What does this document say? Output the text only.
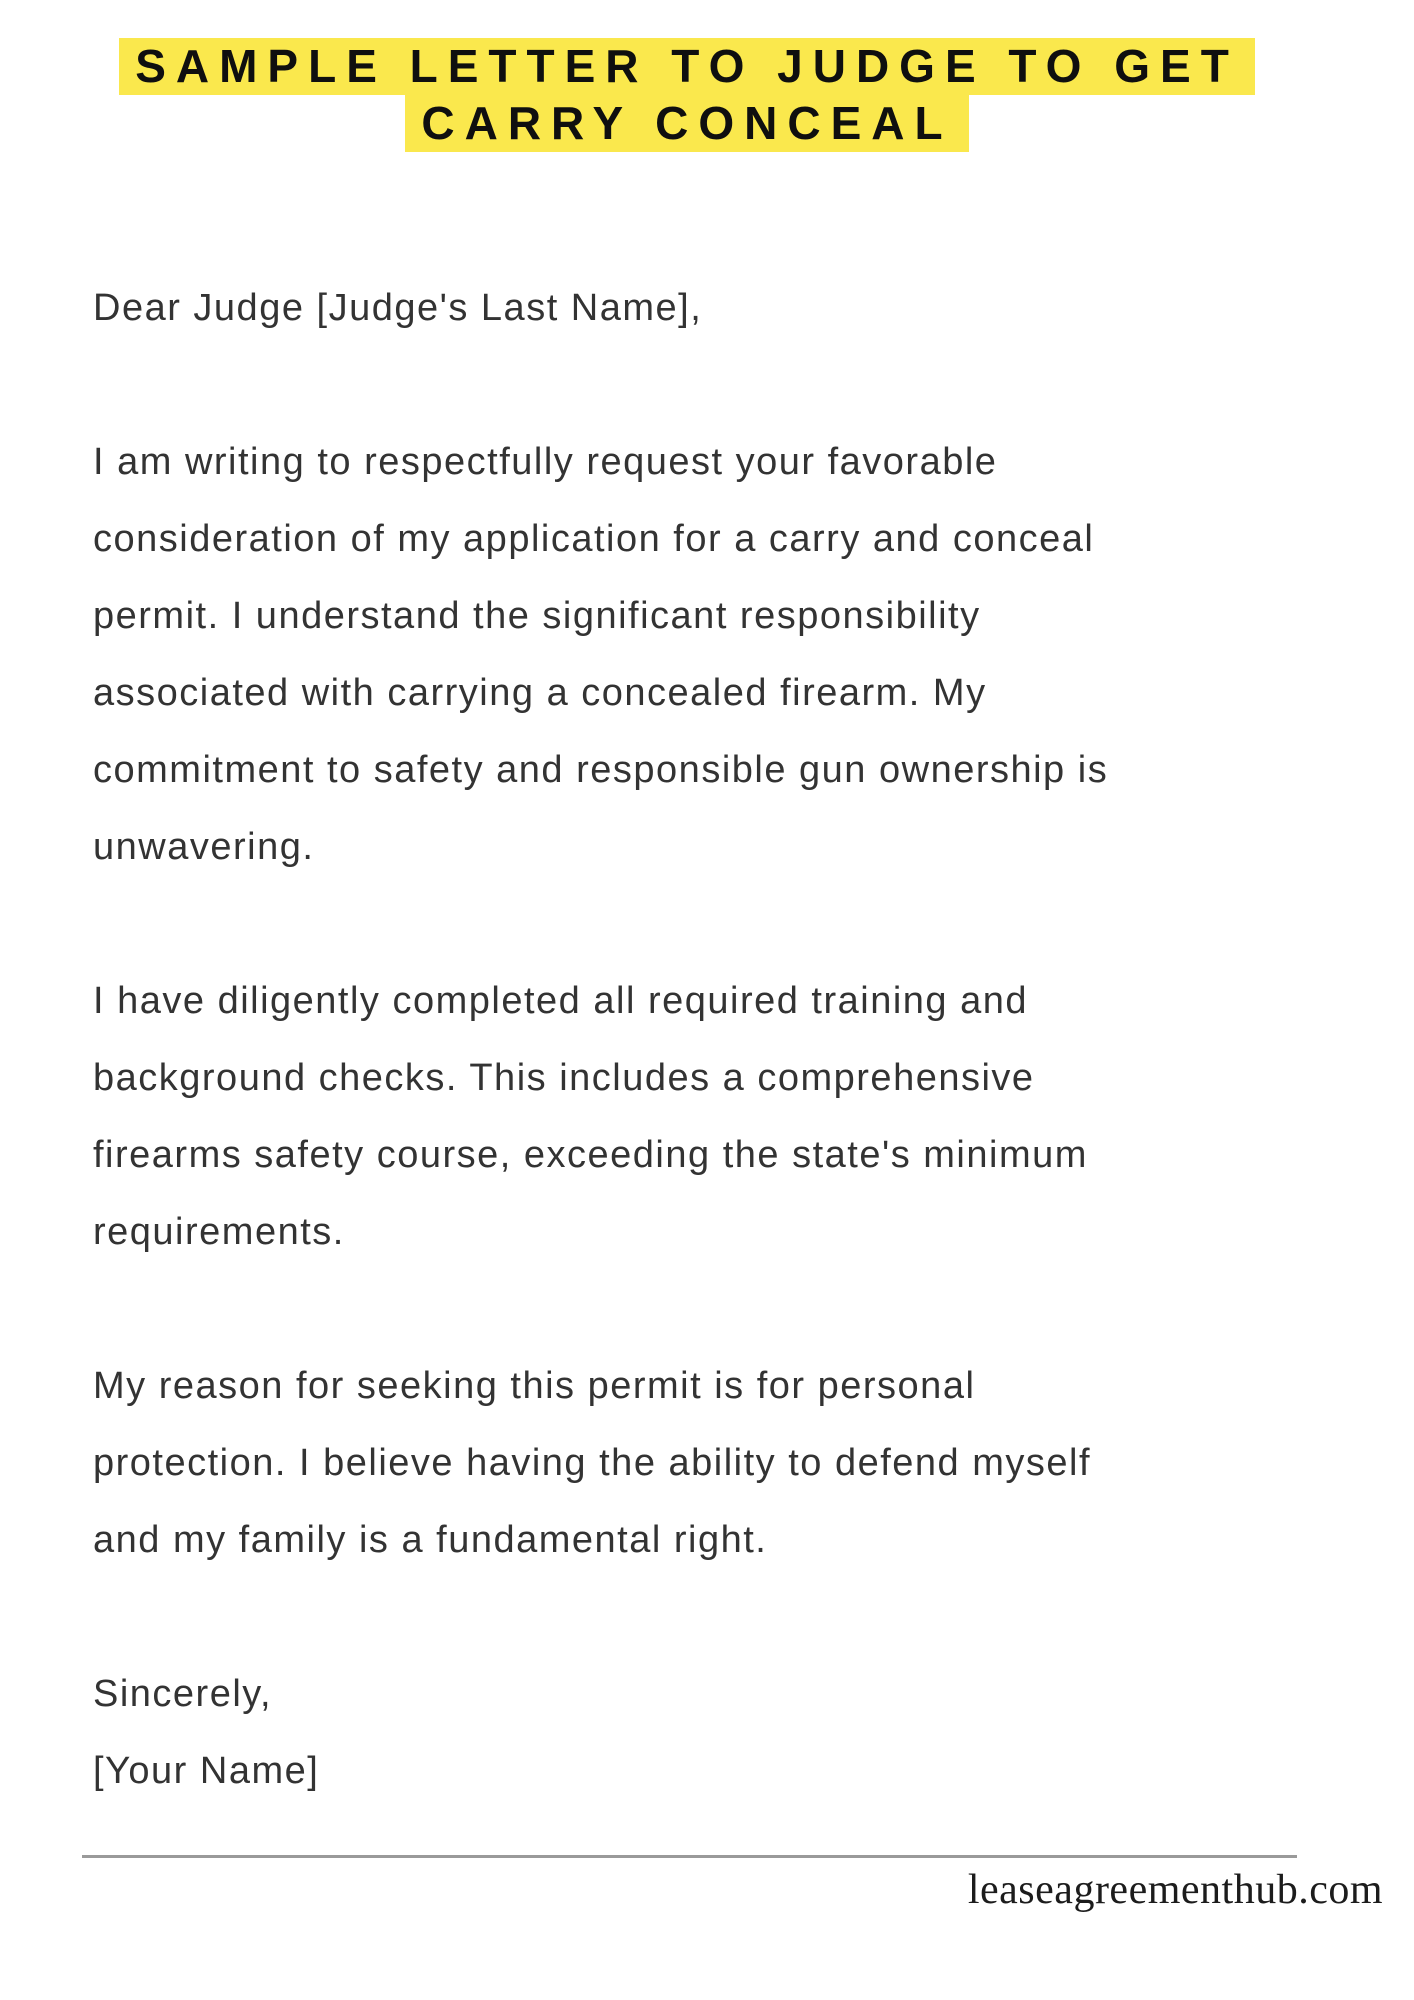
SAMPLE LETTER TO JUDGE TO GET
CARRY CONCEAL

Dear Judge [Judge's Last Name],

I am writing to respectfully request your favorable
consideration of my application for a carry and conceal
permit. I understand the significant responsibility
associated with carrying a concealed firearm. My
commitment to safety and responsible gun ownership is
unwavering.

I have diligently completed all required training and
background checks. This includes a comprehensive
firearms safety course, exceeding the state's minimum
requirements.

My reason for seeking this permit is for personal
protection. I believe having the ability to defend myself
and my family is a fundamental right.

Sincerely,
[Your Name]

leaseagreementhub.com
